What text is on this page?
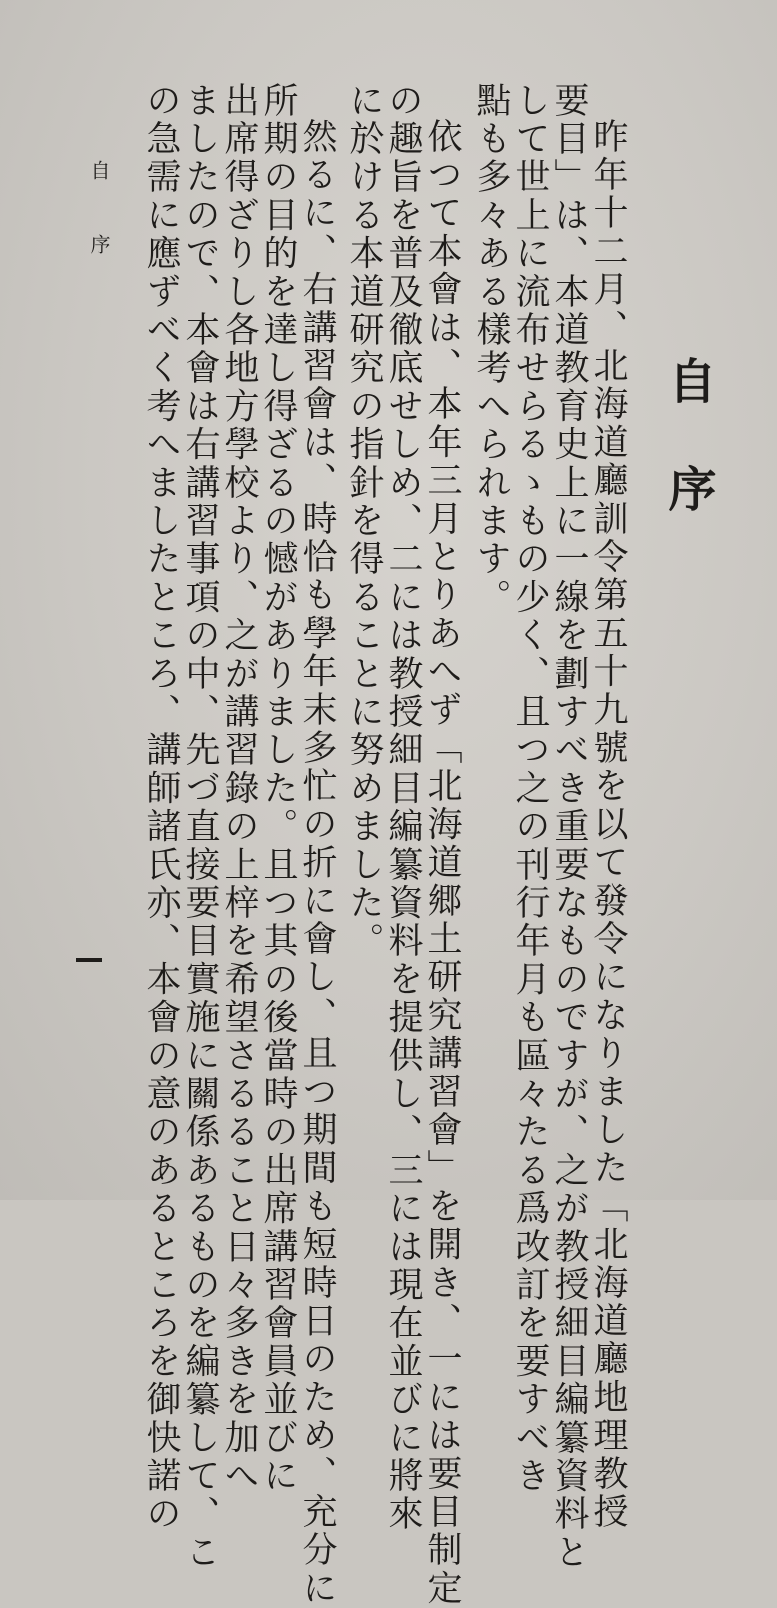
自序
昨年十二月、北海道廳訓令第五十九號を以て發令になりました「北海道廳地理教授
要目」は、本道教育史上に一線を劃すべき重要なものですが、之が教授細目編纂資料と
して世上に流布せらるゝもの少く、且つ之の刊行年月も區々たる爲改訂を要すべき
點も多々ある樣考へられます。
依つて本會は、本年三月とりあへず「北海道郷土研究講習會」を開き、一には要目制定
の趣旨を普及徹底せしめ、二には教授細目編纂資料を提供し、三には現在並びに將來
に於ける本道研究の指針を得ることに努めました。
然るに、右講習會は、時恰も學年末多忙の折に會し、且つ期間も短時日のため、充分に
所期の目的を達し得ざるの憾がありました。且つ其の後當時の出席講習會員並びに
出席得ざりし各地方學校より、之が講習錄の上梓を希望さるること日々多きを加へ
ましたので、本會は右講習事項の中、先づ直接要目實施に關係あるものを編纂して、こ
の急需に應ずべく考へましたところ、講師諸氏亦、本會の意のあるところを御快諾の
自序
